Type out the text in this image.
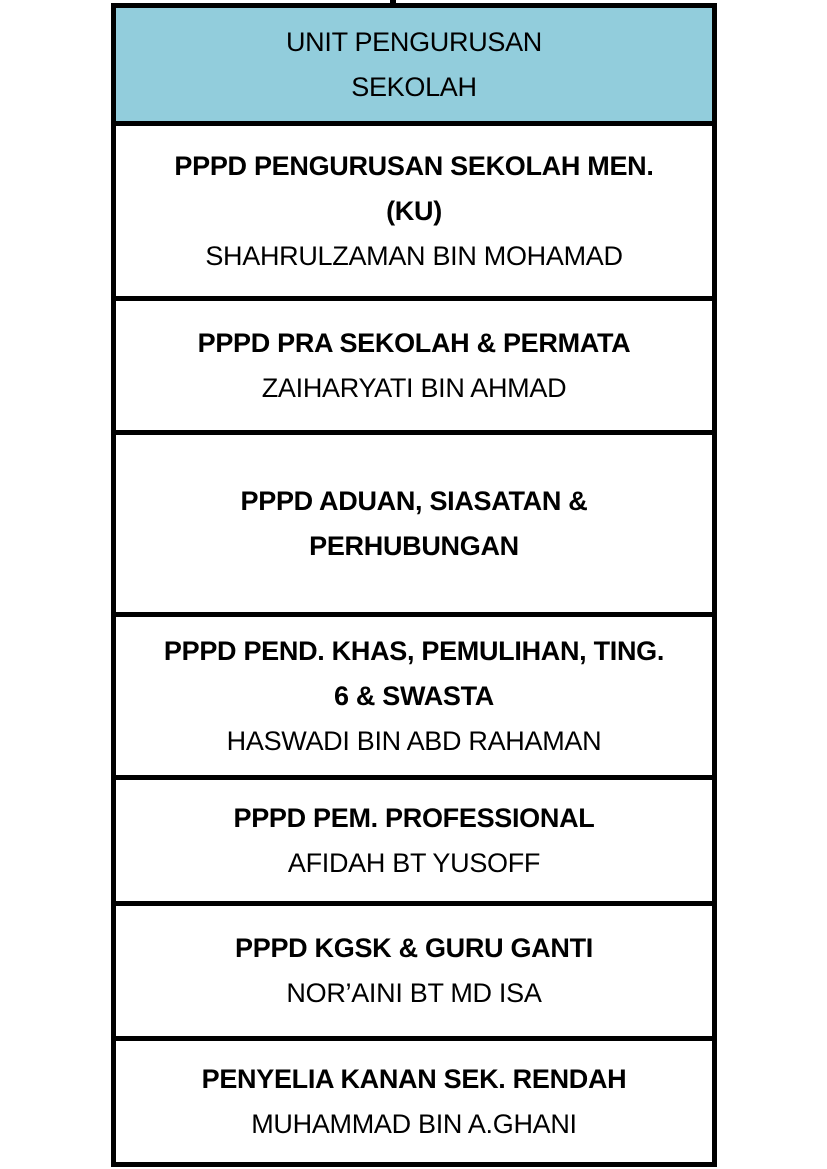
UNIT PENGURUSAN
SEKOLAH
PPPD PENGURUSAN SEKOLAH MEN.
(KU)
SHAHRULZAMAN BIN MOHAMAD
PPPD PRA SEKOLAH & PERMATA
ZAIHARYATI BIN AHMAD
PPPD ADUAN, SIASATAN &
PERHUBUNGAN
PPPD PEND. KHAS, PEMULIHAN, TING.
6 & SWASTA
HASWADI BIN ABD RAHAMAN
PPPD PEM. PROFESSIONAL
AFIDAH BT YUSOFF
PPPD KGSK & GURU GANTI
NOR’AINI BT MD ISA
PENYELIA KANAN SEK. RENDAH
MUHAMMAD BIN A.GHANI
